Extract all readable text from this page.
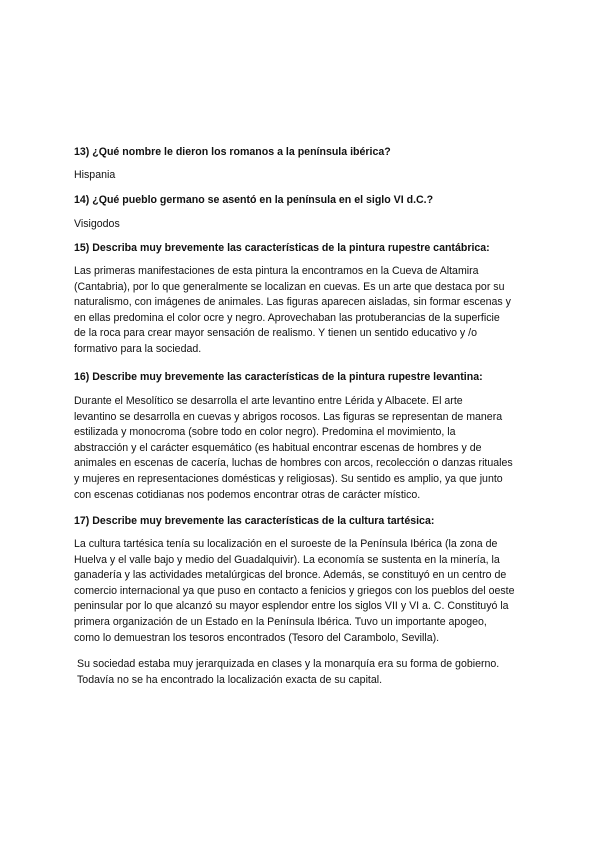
13) ¿Qué nombre le dieron los romanos a la península ibérica?
Hispania
14) ¿Qué pueblo germano se asentó en la península en el siglo VI d.C.?
Visigodos
15) Describa muy brevemente las características de la pintura rupestre cantábrica:
Las primeras manifestaciones de esta pintura la encontramos en la Cueva de Altamira
(Cantabria), por lo que generalmente se localizan en cuevas. Es un arte que destaca por su
naturalismo, con imágenes de animales. Las figuras aparecen aisladas, sin formar escenas y
en ellas predomina el color ocre y negro. Aprovechaban las protuberancias de la superficie
de la roca para crear mayor sensación de realismo. Y tienen un sentido educativo y /o
formativo para la sociedad.
16) Describe muy brevemente las características de la pintura rupestre levantina:
Durante el Mesolítico se desarrolla el arte levantino entre Lérida y Albacete. El arte
levantino se desarrolla en cuevas y abrigos rocosos. Las figuras se representan de manera
estilizada y monocroma (sobre todo en color negro). Predomina el movimiento, la
abstracción y el carácter esquemático (es habitual encontrar escenas de hombres y de
animales en escenas de cacería, luchas de hombres con arcos, recolección o danzas rituales
y mujeres en representaciones domésticas y religiosas). Su sentido es amplio, ya que junto
con escenas cotidianas nos podemos encontrar otras de carácter místico.
17) Describe muy brevemente las características de la cultura tartésica:
La cultura tartésica tenía su localización en el suroeste de la Península Ibérica (la zona de
Huelva y el valle bajo y medio del Guadalquivir). La economía se sustenta en la minería, la
ganadería y las actividades metalúrgicas del bronce. Además, se constituyó en un centro de
comercio internacional ya que puso en contacto a fenicios y griegos con los pueblos del oeste
peninsular por lo que alcanzó su mayor esplendor entre los siglos VII y VI a. C. Constituyó la
primera organización de un Estado en la Península Ibérica. Tuvo un importante apogeo,
como lo demuestran los tesoros encontrados (Tesoro del Carambolo, Sevilla).
Su sociedad estaba muy jerarquizada en clases y la monarquía era su forma de gobierno.
Todavía no se ha encontrado la localización exacta de su capital.
